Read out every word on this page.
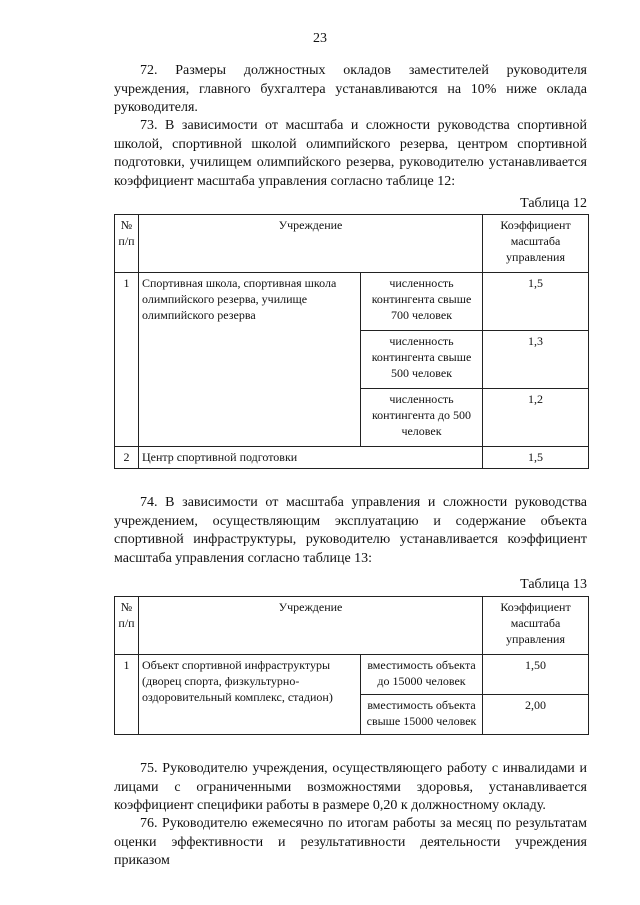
23

72. Размеры должностных окладов заместителей руководителя учреждения, главного бухгалтера устанавливаются на 10% ниже оклада руководителя.

73. В зависимости от масштаба и сложности руководства спортивной школой, спортивной школой олимпийского резерва, центром спортивной подготовки, училищем олимпийского резерва, руководителю устанавливается коэффициент масштаба управления согласно таблице 12:

Таблица 12
№ п/п	Учреждение		Коэффициент масштаба управления
1	Спортивная школа, спортивная школа олимпийского резерва, училище олимпийского резерва	численность контингента свыше 700 человек	1,5
		численность контингента свыше 500 человек	1,3
		численность контингента до 500 человек	1,2
2	Центр спортивной подготовки		1,5

74. В зависимости от масштаба управления и сложности руководства учреждением, осуществляющим эксплуатацию и содержание объекта спортивной инфраструктуры, руководителю устанавливается коэффициент масштаба управления согласно таблице 13:

Таблица 13
№ п/п	Учреждение		Коэффициент масштаба управления
1	Объект спортивной инфраструктуры (дворец спорта, физкультурно-оздоровительный комплекс, стадион)	вместимость объекта до 15000 человек	1,50
		вместимость объекта свыше 15000 человек	2,00

75. Руководителю учреждения, осуществляющего работу с инвалидами и лицами с ограниченными возможностями здоровья, устанавливается коэффициент специфики работы в размере 0,20 к должностному окладу.

76. Руководителю ежемесячно по итогам работы за месяц по результатам оценки эффективности и результативности деятельности учреждения приказом
